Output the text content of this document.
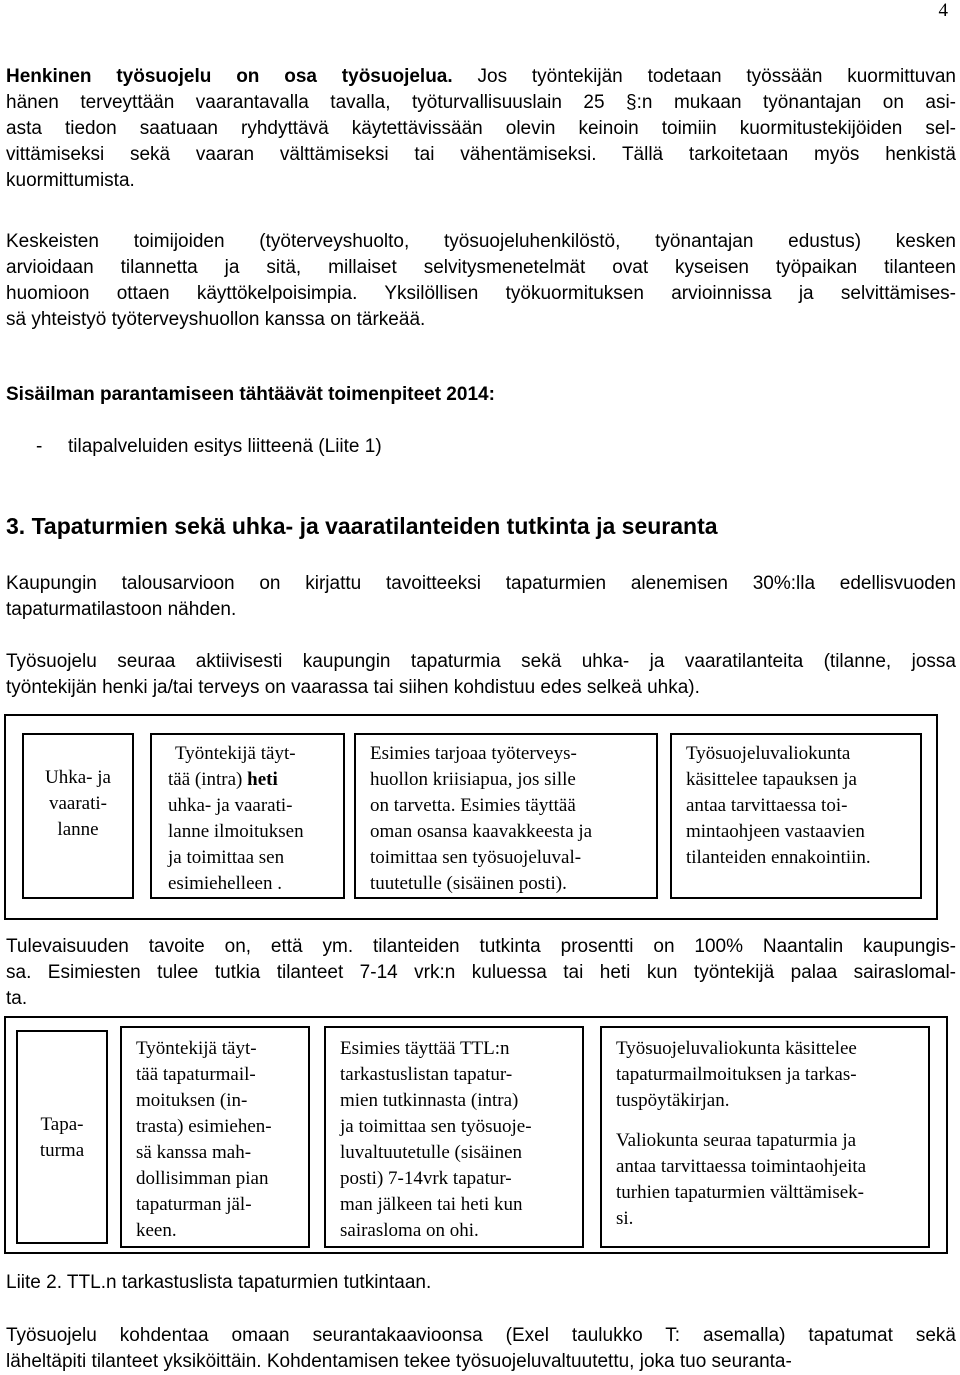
4
Henkinen työsuojelu on osa työsuojelua. Jos työntekijän todetaan työssään kuormittuvan
hänen terveyttään vaarantavalla tavalla, työturvallisuuslain 25 §:n mukaan työnantajan on asi-
asta tiedon saatuaan ryhdyttävä käytettävissään olevin keinoin toimiin kuormitustekijöiden sel-
vittämiseksi sekä vaaran välttämiseksi tai vähentämiseksi. Tällä tarkoitetaan myös henkistä
kuormittumista.
Keskeisten toimijoiden (työterveyshuolto, työsuojeluhenkilöstö, työnantajan edustus) kesken
arvioidaan tilannetta ja sitä, millaiset selvitysmenetelmät ovat kyseisen työpaikan tilanteen
huomioon ottaen käyttökelpoisimpia. Yksilöllisen työkuormituksen arvioinnissa ja selvittämises-
sä yhteistyö työterveyshuollon kanssa on tärkeää.

Sisäilman parantamiseen tähtäävät toimenpiteet 2014:

- tilapalveluiden esitys liitteenä (Liite 1)

3. Tapaturmien sekä uhka- ja vaaratilanteiden tutkinta ja seuranta

Kaupungin talousarvioon on kirjattu tavoitteeksi tapaturmien alenemisen 30%:lla edellisvuoden
tapaturmatilastoon nähden.
Työsuojelu seuraa aktiivisesti kaupungin tapaturmia sekä uhka- ja vaaratilanteita (tilanne, jossa
työntekijän henki ja/tai terveys on vaarassa tai siihen kohdistuu edes selkeä uhka).
Uhka- ja
vaarati-
lanne
Työntekijä täyt-
tää (intra) heti
uhka- ja vaarati-
lanne ilmoituksen
ja toimittaa sen
esimiehelleen .
Esimies tarjoaa työterveys-
huollon kriisiapua, jos sille
on tarvetta. Esimies täyttää
oman osansa kaavakkeesta ja
toimittaa sen työsuojeluval-
tuutetulle (sisäinen posti).
Työsuojeluvaliokunta
käsittelee tapauksen ja
antaa tarvittaessa toi-
mintaohjeen vastaavien
tilanteiden ennakointiin.
Tulevaisuuden tavoite on, että ym. tilanteiden tutkinta prosentti on 100% Naantalin kaupungis-
sa. Esimiesten tulee tutkia tilanteet 7-14 vrk:n kuluessa tai heti kun työntekijä palaa sairaslomal-
ta.
Tapa-
turma
Työntekijä täyt-
tää tapaturmail-
moituksen (in-
trasta) esimiehen-
sä kanssa mah-
dollisimman pian
tapaturman jäl-
keen.
Esimies täyttää TTL:n
tarkastuslistan tapatur-
mien tutkinnasta (intra)
ja toimittaa sen työsuoje-
luvaltuutetulle (sisäinen
posti) 7-14vrk tapatur-
man jälkeen tai heti kun
sairasloma on ohi.
Työsuojeluvaliokunta käsittelee
tapaturmailmoituksen ja tarkas-
tuspöytäkirjan.
Valiokunta seuraa tapaturmia ja
antaa tarvittaessa toimintaohjeita
turhien tapaturmien välttämisek-
si.

Liite 2. TTL.n tarkastuslista tapaturmien tutkintaan.

Työsuojelu kohdentaa omaan seurantakaavioonsa (Exel taulukko T: asemalla) tapatumat sekä
läheltäpiti tilanteet yksiköittäin. Kohdentamisen tekee työsuojeluvaltuutettu, joka tuo seuranta-
